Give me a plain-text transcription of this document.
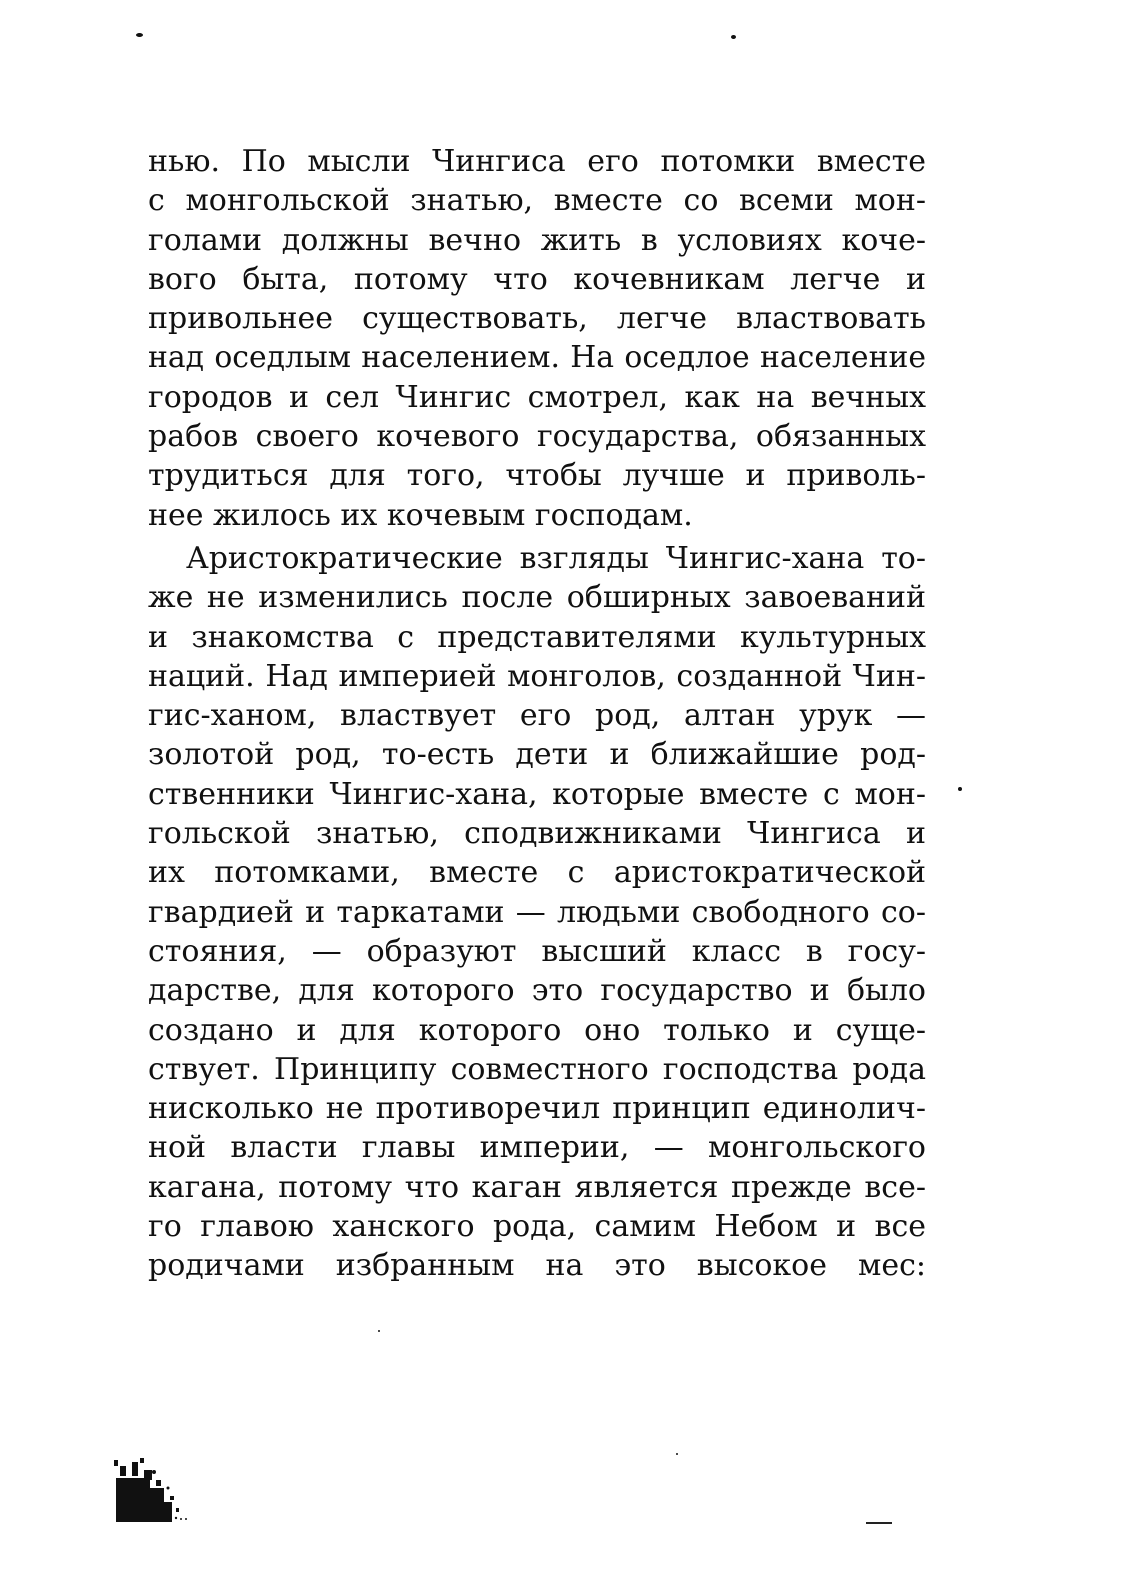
нью. По мысли Чингиса его потомки вместе
с монгольской знатью, вместе со всеми мон-
голами должны вечно жить в условиях коче-
вого быта, потому что кочевникам легче и
привольнее существовать, легче властвовать
над оседлым населением. На оседлое население
городов и сел Чингис смотрел, как на вечных
рабов своего кочевого государства, обязанных
трудиться для того, чтобы лучше и приволь-
нее жилось их кочевым господам.
Аристократические взгляды Чингис-хана то-
же не изменились после обширных завоеваний
и знакомства с представителями культурных
наций. Над империей монголов, созданной Чин-
гис-ханом, властвует его род, алтан урук —
золотой род, то-есть дети и ближайшие род-
ственники Чингис-хана, которые вместе с мон-
гольской знатью, сподвижниками Чингиса и
их потомками, вместе с аристократической
гвардией и таркатами — людьми свободного со-
стояния, — образуют высший класс в госу-
дарстве, для которого это государство и было
создано и для которого оно только и суще-
ствует. Принципу совместного господства рода
нисколько не противоречил принцип единолич-
ной власти главы империи, — монгольского
кагана, потому что каган является прежде все-
го главою ханского рода, самим Небом и все
родичами избранным на это высокое мес:
